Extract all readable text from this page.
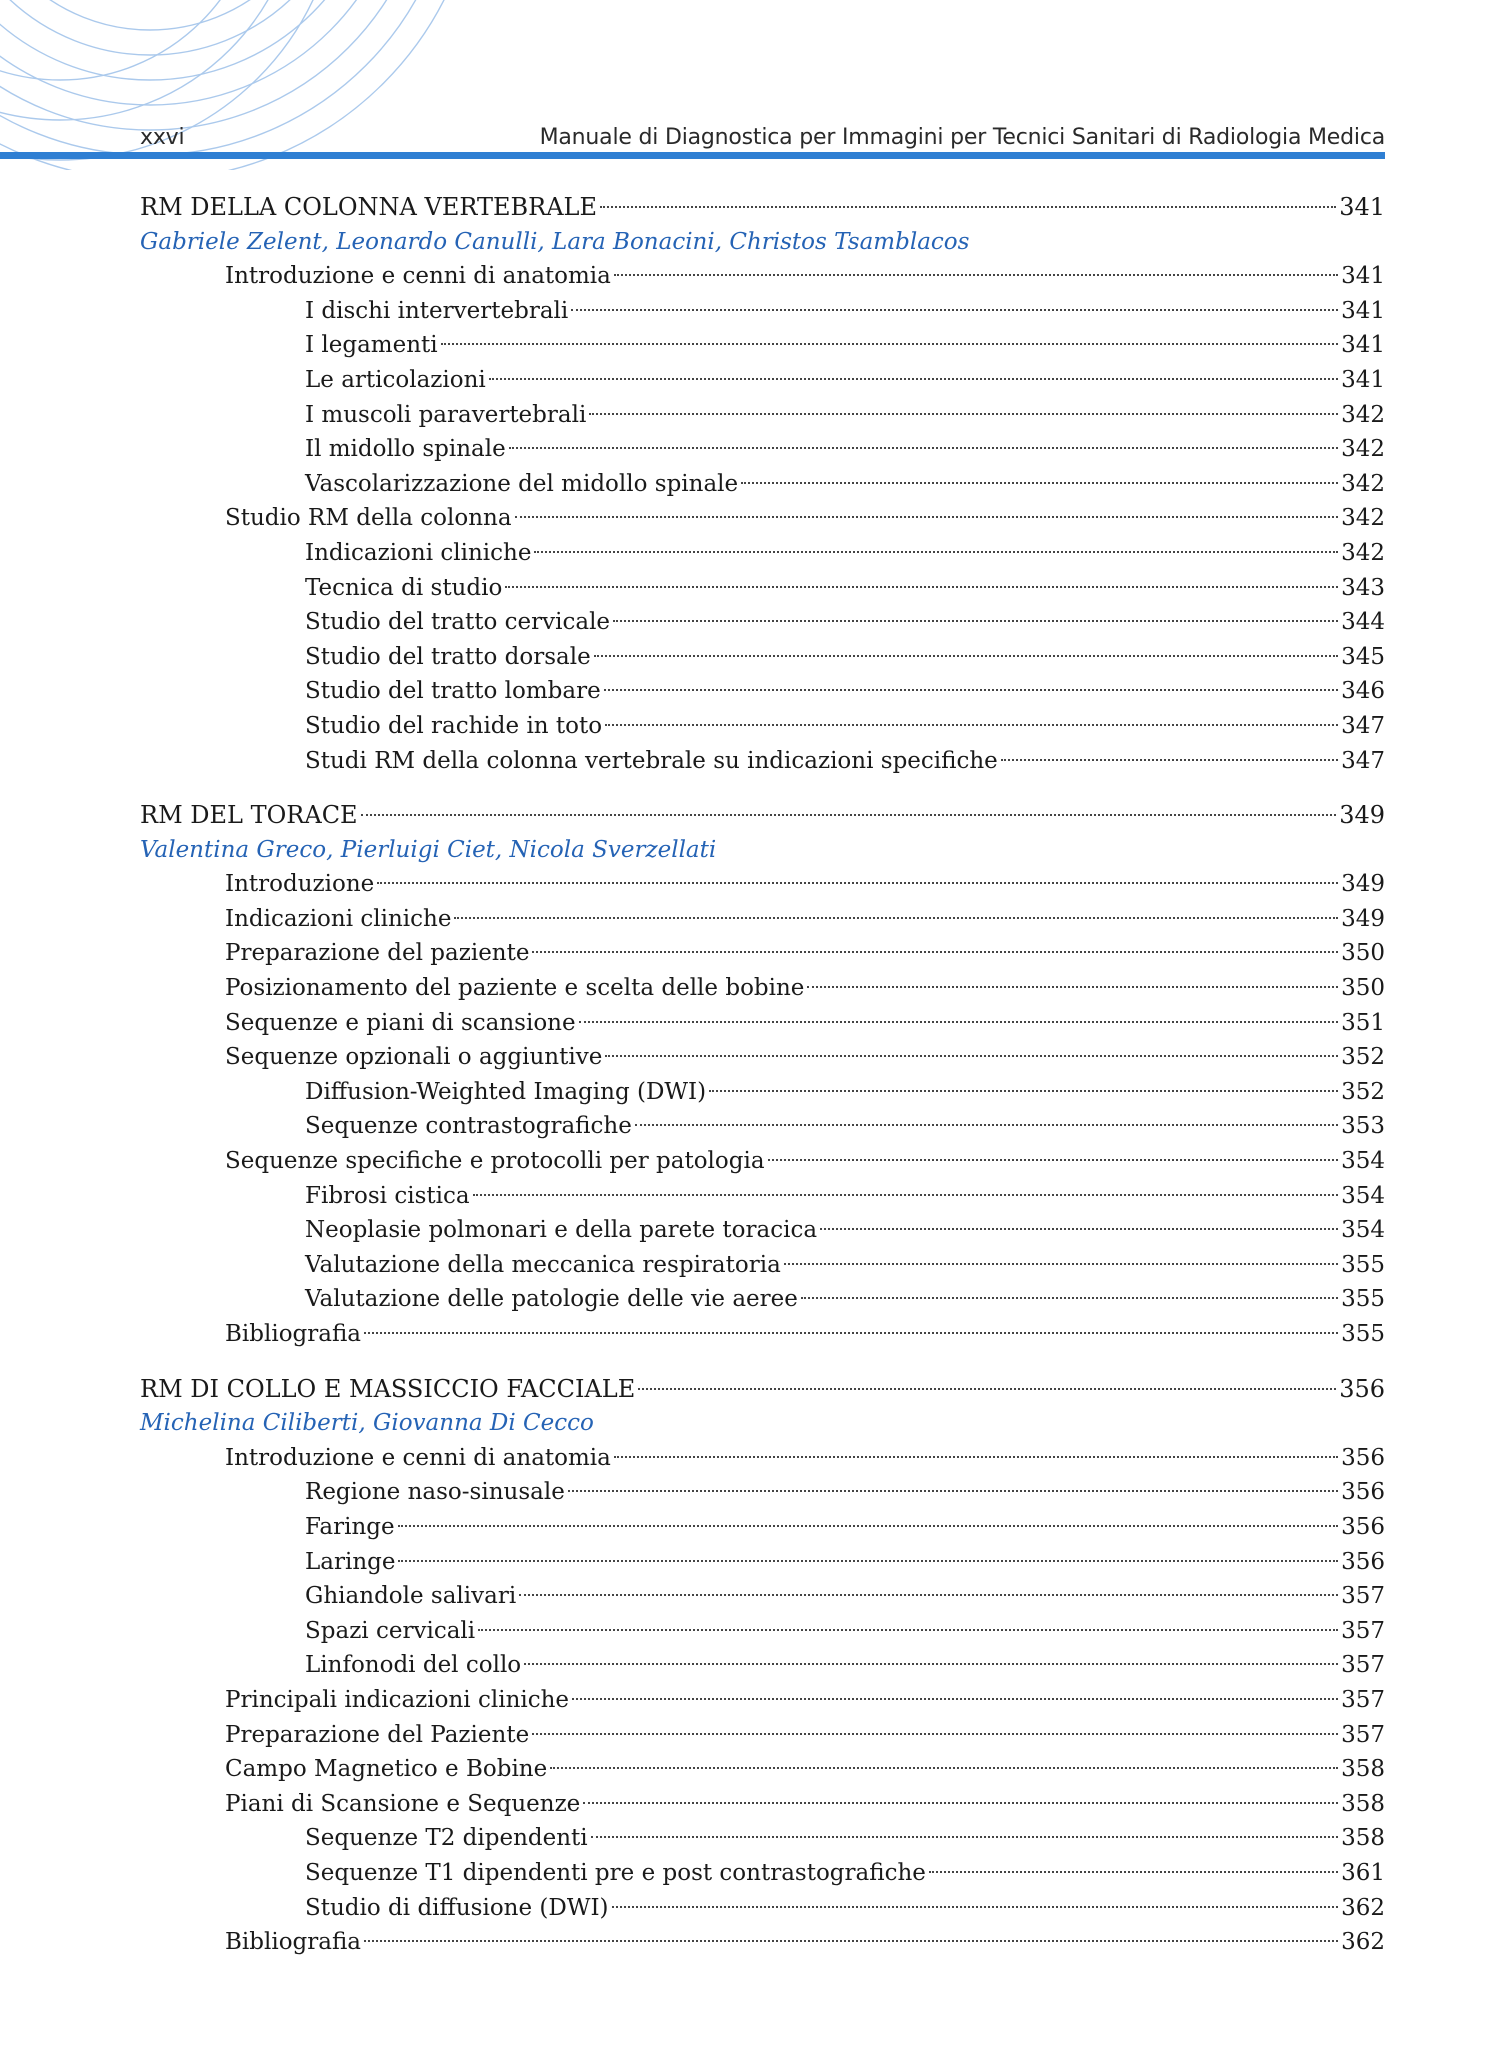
xxvi	Manuale di Diagnostica per Immagini per Tecnici Sanitari di Radiologia Medica
RM DELLA COLONNA VERTEBRALE	341
Gabriele Zelent, Leonardo Canulli, Lara Bonacini, Christos Tsamblacos
Introduzione e cenni di anatomia	341
I dischi intervertebrali	341
I legamenti	341
Le articolazioni	341
I muscoli paravertebrali	342
Il midollo spinale	342
Vascolarizzazione del midollo spinale	342
Studio RM della colonna	342
Indicazioni cliniche	342
Tecnica di studio	343
Studio del tratto cervicale	344
Studio del tratto dorsale	345
Studio del tratto lombare	346
Studio del rachide in toto	347
Studi RM della colonna vertebrale su indicazioni specifiche	347
RM DEL TORACE	349
Valentina Greco, Pierluigi Ciet, Nicola Sverzellati
Introduzione	349
Indicazioni cliniche	349
Preparazione del paziente	350
Posizionamento del paziente e scelta delle bobine	350
Sequenze e piani di scansione	351
Sequenze opzionali o aggiuntive	352
Diffusion-Weighted Imaging (DWI)	352
Sequenze contrastografiche	353
Sequenze specifiche e protocolli per patologia	354
Fibrosi cistica	354
Neoplasie polmonari e della parete toracica	354
Valutazione della meccanica respiratoria	355
Valutazione delle patologie delle vie aeree	355
Bibliografia	355
RM DI COLLO E MASSICCIO FACCIALE	356
Michelina Ciliberti, Giovanna Di Cecco
Introduzione e cenni di anatomia	356
Regione naso-sinusale	356
Faringe	356
Laringe	356
Ghiandole salivari	357
Spazi cervicali	357
Linfonodi del collo	357
Principali indicazioni cliniche	357
Preparazione del Paziente	357
Campo Magnetico e Bobine	358
Piani di Scansione e Sequenze	358
Sequenze T2 dipendenti	358
Sequenze T1 dipendenti pre e post contrastografiche	361
Studio di diffusione (DWI)	362
Bibliografia	362
